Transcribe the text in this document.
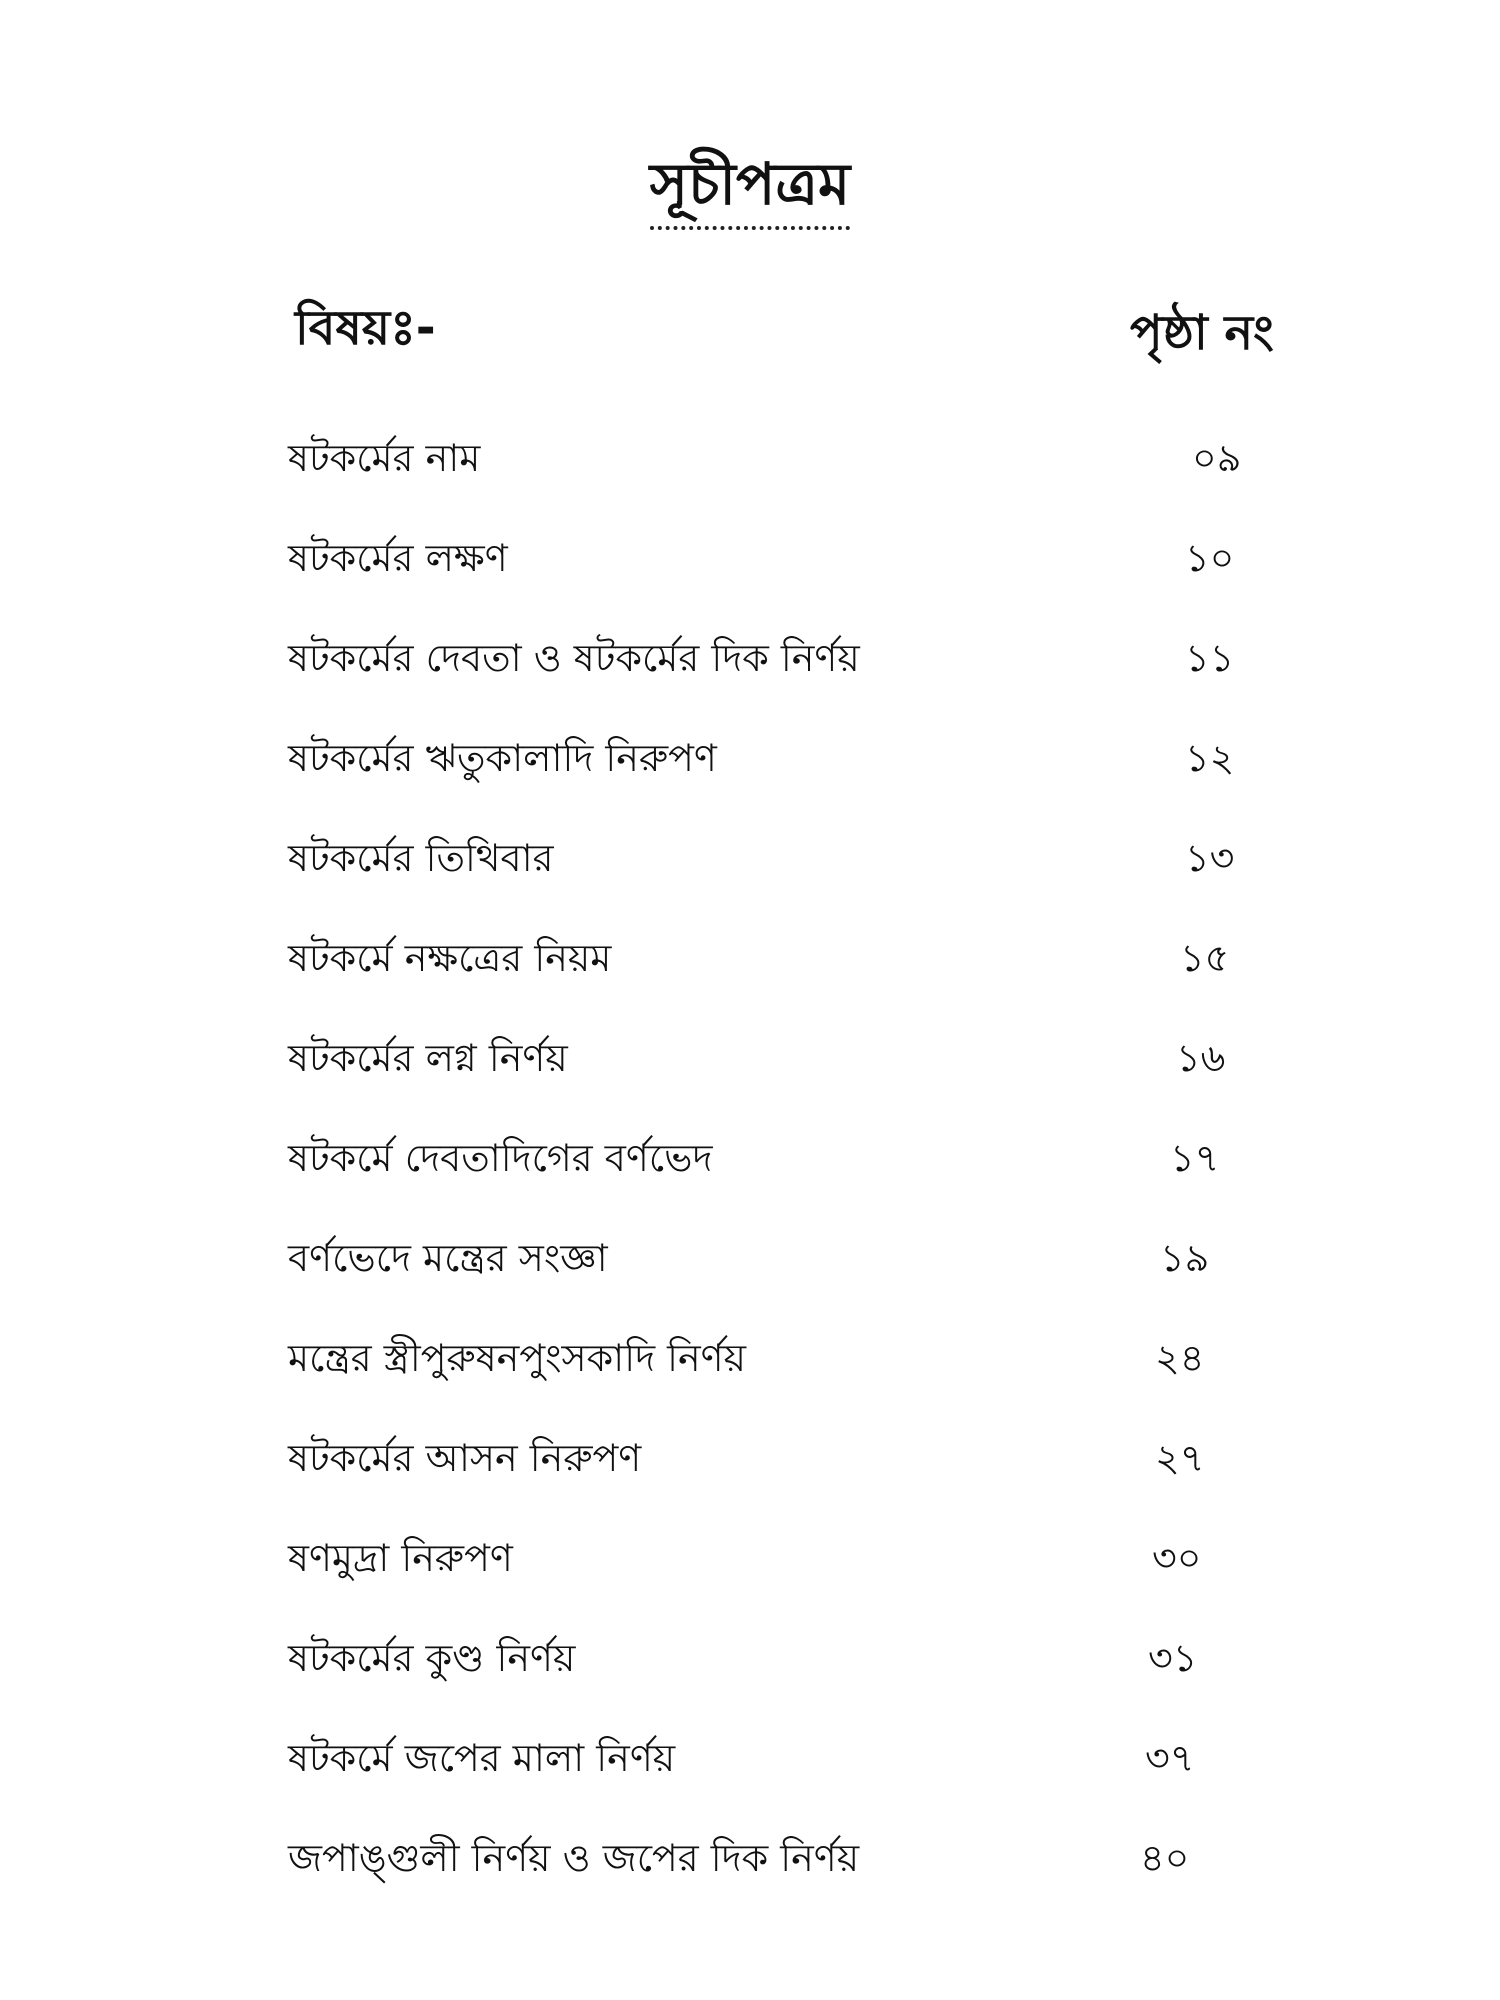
সূচীপত্রম
বিষয়ঃ-	পৃষ্ঠা নং
ষটকর্মের নাম	০৯
ষটকর্মের লক্ষণ	১০
ষটকর্মের দেবতা ও ষটকর্মের দিক নির্ণয়	১১
ষটকর্মের ঋতুকালাদি নিরুপণ	১২
ষটকর্মের তিথিবার	১৩
ষটকর্মে নক্ষত্রের নিয়ম	১৫
ষটকর্মের লগ্ন নির্ণয়	১৬
ষটকর্মে দেবতাদিগের বর্ণভেদ	১৭
বর্ণভেদে মন্ত্রের সংজ্ঞা	১৯
মন্ত্রের স্ত্রীপুরুষনপুংসকাদি নির্ণয়	২৪
ষটকর্মের আসন নিরুপণ	২৭
ষণমুদ্রা নিরুপণ	৩০
ষটকর্মের কুণ্ড নির্ণয়	৩১
ষটকর্মে জপের মালা নির্ণয়	৩৭
জপাঙ্গুলী নির্ণয় ও জপের দিক নির্ণয়	৪০
